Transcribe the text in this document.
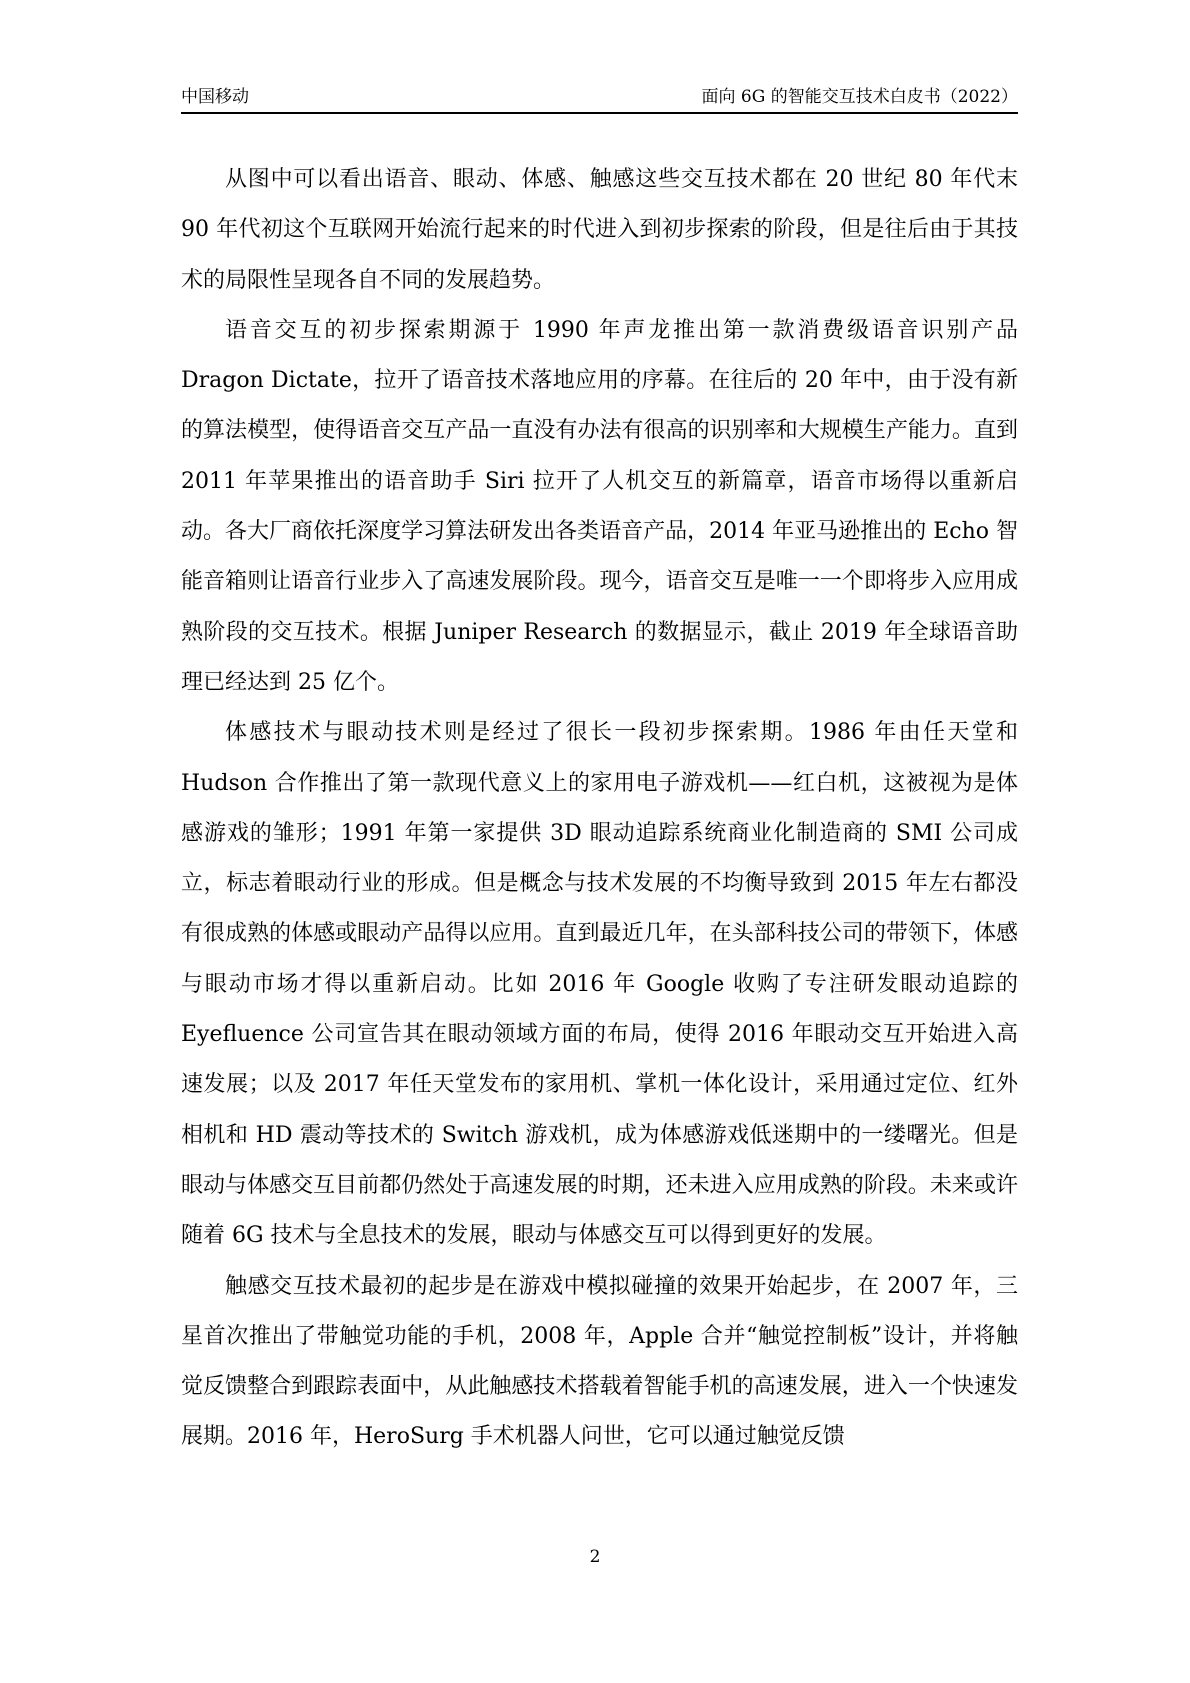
中国移动	面向 6G 的智能交互技术白皮书（2022）

从图中可以看出语音、眼动、体感、触感这些交互技术都在 20 世纪 80 年代末 90 年代初这个互联网开始流行起来的时代进入到初步探索的阶段，但是往后由于其技术的局限性呈现各自不同的发展趋势。

语音交互的初步探索期源于 1990 年声龙推出第一款消费级语音识别产品 Dragon Dictate，拉开了语音技术落地应用的序幕。在往后的 20 年中，由于没有新的算法模型，使得语音交互产品一直没有办法有很高的识别率和大规模生产能力。直到 2011 年苹果推出的语音助手 Siri 拉开了人机交互的新篇章，语音市场得以重新启动。各大厂商依托深度学习算法研发出各类语音产品，2014 年亚马逊推出的 Echo 智能音箱则让语音行业步入了高速发展阶段。现今，语音交互是唯一一个即将步入应用成熟阶段的交互技术。根据 Juniper Research 的数据显示，截止 2019 年全球语音助理已经达到 25 亿个。

体感技术与眼动技术则是经过了很长一段初步探索期。1986 年由任天堂和 Hudson 合作推出了第一款现代意义上的家用电子游戏机——红白机，这被视为是体感游戏的雏形；1991 年第一家提供 3D 眼动追踪系统商业化制造商的 SMI 公司成立，标志着眼动行业的形成。但是概念与技术发展的不均衡导致到 2015 年左右都没有很成熟的体感或眼动产品得以应用。直到最近几年，在头部科技公司的带领下，体感与眼动市场才得以重新启动。比如 2016 年 Google 收购了专注研发眼动追踪的 Eyefluence 公司宣告其在眼动领域方面的布局，使得 2016 年眼动交互开始进入高速发展；以及 2017 年任天堂发布的家用机、掌机一体化设计，采用通过定位、红外相机和 HD 震动等技术的 Switch 游戏机，成为体感游戏低迷期中的一缕曙光。但是眼动与体感交互目前都仍然处于高速发展的时期，还未进入应用成熟的阶段。未来或许随着 6G 技术与全息技术的发展，眼动与体感交互可以得到更好的发展。

触感交互技术最初的起步是在游戏中模拟碰撞的效果开始起步，在 2007 年，三星首次推出了带触觉功能的手机，2008 年，Apple 合并“触觉控制板”设计，并将触觉反馈整合到跟踪表面中，从此触感技术搭载着智能手机的高速发展，进入一个快速发展期。2016 年，HeroSurg 手术机器人问世，它可以通过触觉反馈

2
